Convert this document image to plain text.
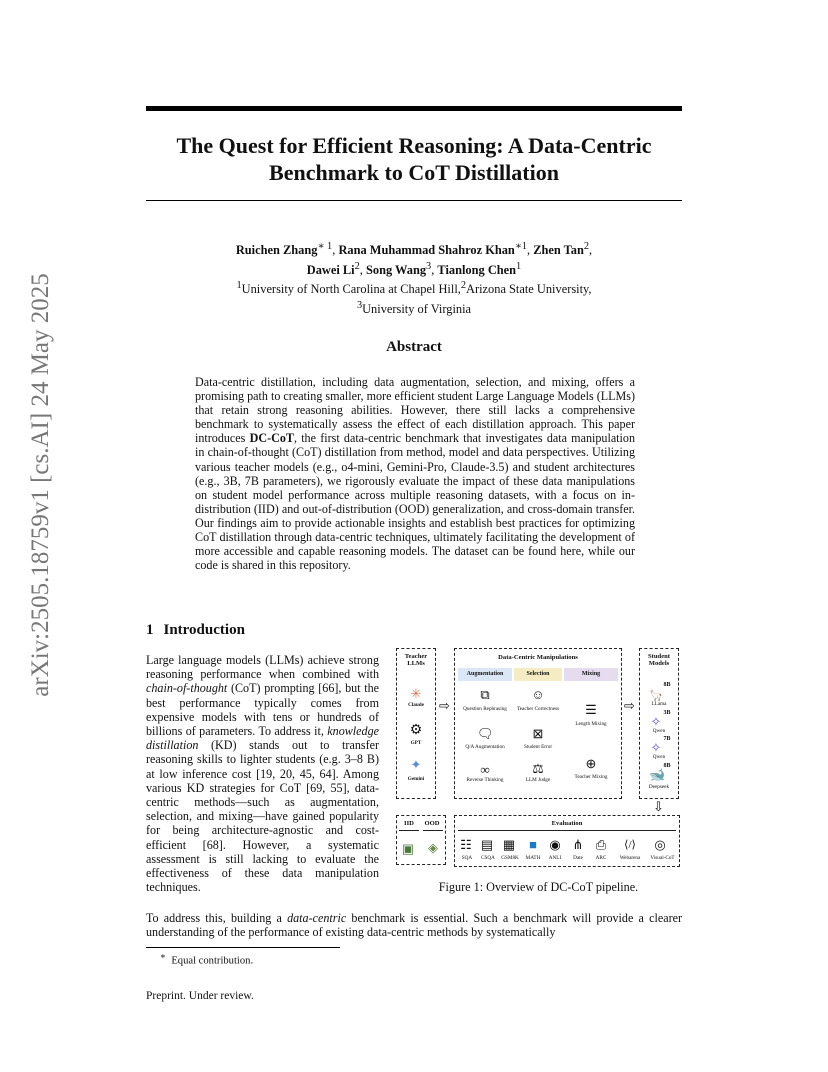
The Quest for Efficient Reasoning: A Data-Centric
Benchmark to CoT Distillation
arXiv:2505.18759v1 [cs.AI] 24 May 2025
Ruichen Zhang$^{∗ 1}$, Rana Muhammad Shahroz Khan$^{∗1}$, Zhen Tan$^2$,
Dawei Li$^2$, Song Wang$^3$, Tianlong Chen$^1$
$^1$University of North Carolina at Chapel Hill,$^2$Arizona State University,
$^3$University of Virginia
Abstract
Data-centric distillation, including data augmentation, selection, and mixing, offers a promising path to creating smaller, more efficient student Large Language Models (LLMs) that retain strong reasoning abilities. However, there still lacks a comprehensive benchmark to systematically assess the effect of each distillation approach. This paper introduces DC-CoT, the first data-centric benchmark that investigates data manipulation in chain-of-thought (CoT) distillation from method, model and data perspectives. Utilizing various teacher models (e.g., o4-mini, Gemini-Pro, Claude-3.5) and student architectures (e.g., 3B, 7B parameters), we rigorously evaluate the impact of these data manipulations on student model performance across multiple reasoning datasets, with a focus on in-distribution (IID) and out-of-distribution (OOD) generalization, and cross-domain transfer. Our findings aim to provide actionable insights and establish best practices for optimizing CoT distillation through data-centric techniques, ultimately facilitating the development of more accessible and capable reasoning models. The dataset can be found here, while our code is shared in this repository.
1 Introduction
Large language models (LLMs) achieve strong reasoning performance when combined with chain-of-thought (CoT) prompting [66], but the best performance typically comes from expensive models with tens or hundreds of billions of parameters. To address it, knowledge distillation (KD) stands out to transfer reasoning skills to lighter students (e.g. 3–8 B) at low inference cost [19, 20, 45, 64]. Among various KD strategies for CoT [69, 55], data-centric methods—such as augmentation, selection, and mixing—have gained popularity for being architecture-agnostic and cost-efficient [68]. However, a systematic assessment is still lacking to evaluate the effectiveness of these data manipulation techniques.
Teacher LLMs
✳
Claude
⚙
GPT
✦
Gemini
⇨
Data-Centric Manipulations
Augmentation	Selection	Mixing
⧉
Question Rephrasing
🗨
Q/A Augmentation
∞
Reverse Thinking
☺
Teacher Correctness
⊠
Student Error
⚖
LLM Judge
☰
Length Mixing
⊕
Teacher Mixing
⇨
Student Models
8B
🦙
LLama
3B
✧
Qwen
7B
✧
Qwen
8B
🐋
Deepseek
⇩
IID	OOD
▣	◈
Evaluation
☷
SQA
▤
CSQA
▦
GSM8K
■
MATH
◉
ANLI
⋔
Date
⎙
ARC
⟨/⟩
Webarena
◎
Visual-CoT
Figure 1: Overview of DC-CoT pipeline.
To address this, building a data-centric benchmark is essential. Such a benchmark will provide a clearer understanding of the performance of existing data-centric methods by systematically
∗ Equal contribution.
Preprint. Under review.
